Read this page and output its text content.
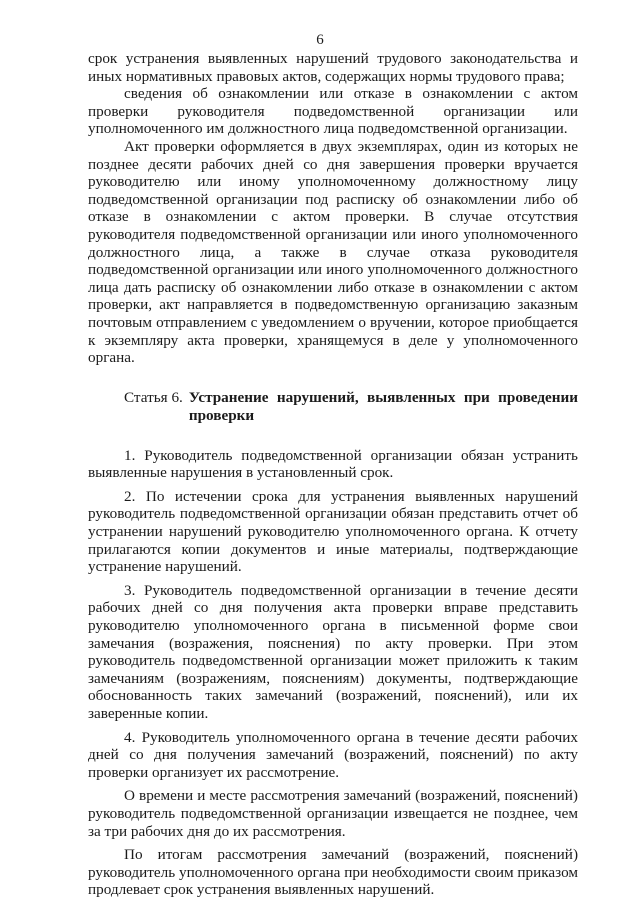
6

срок устранения выявленных нарушений трудового законодательства и иных нормативных правовых актов, содержащих нормы трудового права;

сведения об ознакомлении или отказе в ознакомлении с актом проверки руководителя подведомственной организации или уполномоченного им должностного лица подведомственной организации.

Акт проверки оформляется в двух экземплярах, один из которых не позднее десяти рабочих дней со дня завершения проверки вручается руководителю или иному уполномоченному должностному лицу подведомственной организации под расписку об ознакомлении либо об отказе в ознакомлении с актом проверки. В случае отсутствия руководителя подведомственной организации или иного уполномоченного должностного лица, а также в случае отказа руководителя подведомственной организации или иного уполномоченного должностного лица дать расписку об ознакомлении либо отказе в ознакомлении с актом проверки, акт направляется в подведомственную организацию заказным почтовым отправлением с уведомлением о вручении, которое приобщается к экземпляру акта проверки, хранящемуся в деле у уполномоченного органа.

Статья 6. Устранение нарушений, выявленных при проведении проверки

1. Руководитель подведомственной организации обязан устранить выявленные нарушения в установленный срок.

2. По истечении срока для устранения выявленных нарушений руководитель подведомственной организации обязан представить отчет об устранении нарушений руководителю уполномоченного органа. К отчету прилагаются копии документов и иные материалы, подтверждающие устранение нарушений.

3. Руководитель подведомственной организации в течение десяти рабочих дней со дня получения акта проверки вправе представить руководителю уполномоченного органа в письменной форме свои замечания (возражения, пояснения) по акту проверки. При этом руководитель подведомственной организации может приложить к таким замечаниям (возражениям, пояснениям) документы, подтверждающие обоснованность таких замечаний (возражений, пояснений), или их заверенные копии.

4. Руководитель уполномоченного органа в течение десяти рабочих дней со дня получения замечаний (возражений, пояснений) по акту проверки организует их рассмотрение.

О времени и месте рассмотрения замечаний (возражений, пояснений) руководитель подведомственной организации извещается не позднее, чем за три рабочих дня до их рассмотрения.

По итогам рассмотрения замечаний (возражений, пояснений) руководитель уполномоченного органа при необходимости своим приказом продлевает срок устранения выявленных нарушений.
